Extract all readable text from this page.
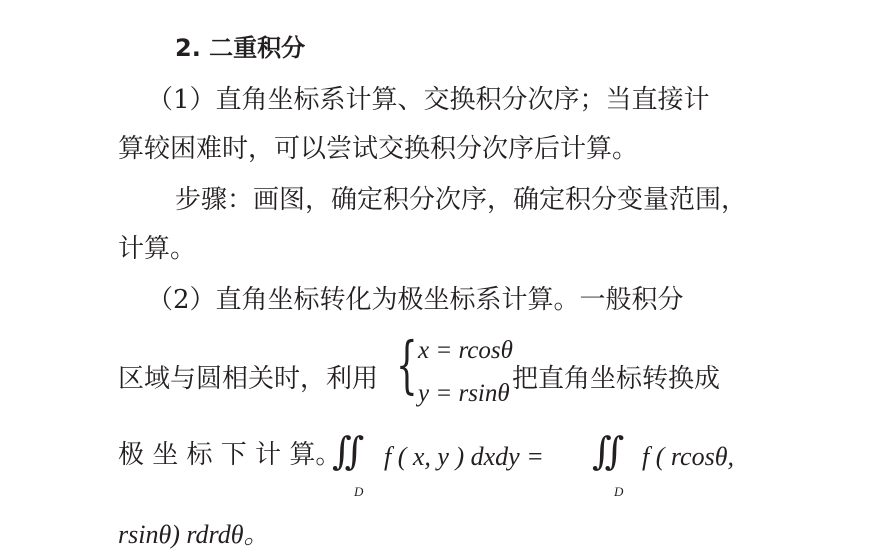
2. 二重积分
（1）直角坐标系计算、交换积分次序；当直接计
算较困难时，可以尝试交换积分次序后计算。
步骤：画图，确定积分次序，确定积分变量范围，
计算。
（2）直角坐标转化为极坐标系计算。一般积分
区域与圆相关时，利用 { x = rcosθ
y = rsinθ 把直角坐标转换成
极 坐 标 下 计 算。
∬
D
f ( x, y ) dxdy = ∬
D
f ( rcosθ,
rsinθ) rdrdθ。
